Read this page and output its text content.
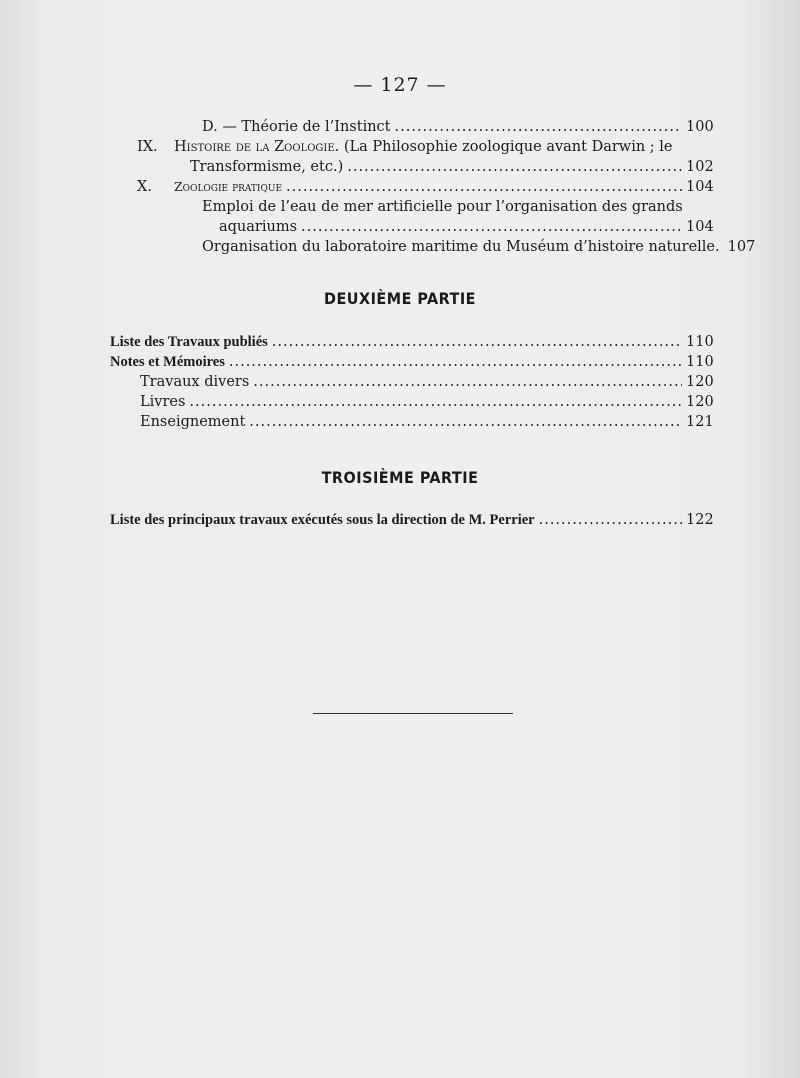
— 127 —
D. — Théorie de l’Instinct .....	100
IX.	Histoire de la Zoologie. (La Philosophie zoologique avant Darwin ; le
Transformisme, etc.) .....	102
X.	Zoologie pratique .....	104
Emploi de l’eau de mer artificielle pour l’organisation des grands
aquariums .....	104
Organisation du laboratoire maritime du Muséum d’histoire naturelle. 107
DEUXIÈME PARTIE
Liste des Travaux publiés .....	110
Notes et Mémoires .....	110
Travaux divers .....	120
Livres .....	120
Enseignement .....	121
TROISIÈME PARTIE
Liste des principaux travaux exécutés sous la direction de M. Perrier .....	122
